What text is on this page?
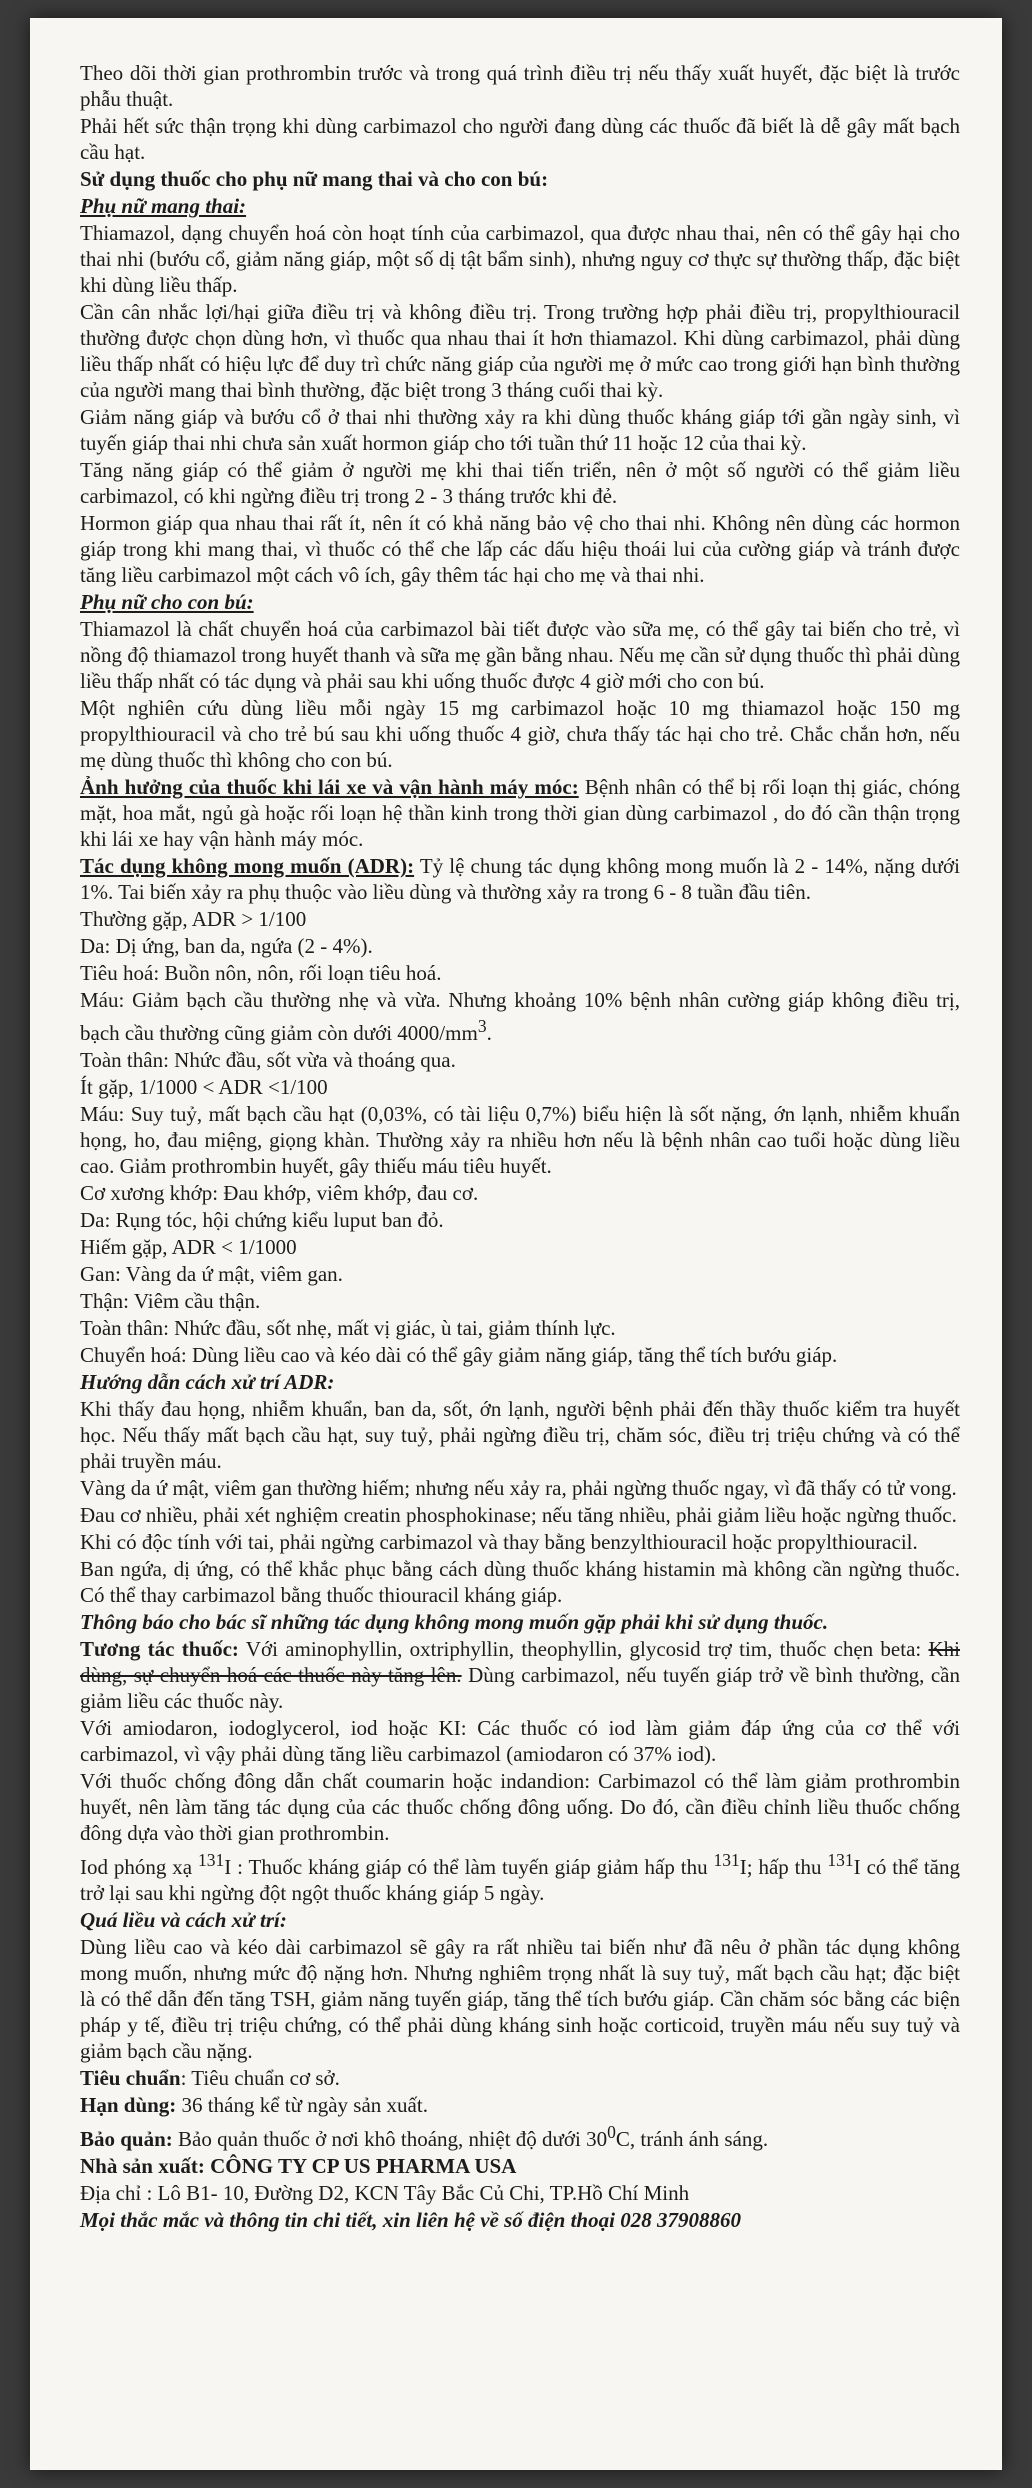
Theo dõi thời gian prothrombin trước và trong quá trình điều trị nếu thấy xuất huyết, đặc biệt là trước phẫu thuật.

Phải hết sức thận trọng khi dùng carbimazol cho người đang dùng các thuốc đã biết là dễ gây mất bạch cầu hạt.

Sử dụng thuốc cho phụ nữ mang thai và cho con bú:

Phụ nữ mang thai:

Thiamazol, dạng chuyển hoá còn hoạt tính của carbimazol, qua được nhau thai, nên có thể gây hại cho thai nhi (bướu cổ, giảm năng giáp, một số dị tật bẩm sinh), nhưng nguy cơ thực sự thường thấp, đặc biệt khi dùng liều thấp.

Cần cân nhắc lợi/hại giữa điều trị và không điều trị. Trong trường hợp phải điều trị, propylthiouracil thường được chọn dùng hơn, vì thuốc qua nhau thai ít hơn thiamazol. Khi dùng carbimazol, phải dùng liều thấp nhất có hiệu lực để duy trì chức năng giáp của người mẹ ở mức cao trong giới hạn bình thường của người mang thai bình thường, đặc biệt trong 3 tháng cuối thai kỳ.

Giảm năng giáp và bướu cổ ở thai nhi thường xảy ra khi dùng thuốc kháng giáp tới gần ngày sinh, vì tuyến giáp thai nhi chưa sản xuất hormon giáp cho tới tuần thứ 11 hoặc 12 của thai kỳ.

Tăng năng giáp có thể giảm ở người mẹ khi thai tiến triển, nên ở một số người có thể giảm liều carbimazol, có khi ngừng điều trị trong 2 - 3 tháng trước khi đẻ.

Hormon giáp qua nhau thai rất ít, nên ít có khả năng bảo vệ cho thai nhi. Không nên dùng các hormon giáp trong khi mang thai, vì thuốc có thể che lấp các dấu hiệu thoái lui của cường giáp và tránh được tăng liều carbimazol một cách vô ích, gây thêm tác hại cho mẹ và thai nhi.

Phụ nữ cho con bú:

Thiamazol là chất chuyển hoá của carbimazol bài tiết được vào sữa mẹ, có thể gây tai biến cho trẻ, vì nồng độ thiamazol trong huyết thanh và sữa mẹ gần bằng nhau. Nếu mẹ cần sử dụng thuốc thì phải dùng liều thấp nhất có tác dụng và phải sau khi uống thuốc được 4 giờ mới cho con bú.

Một nghiên cứu dùng liều mỗi ngày 15 mg carbimazol hoặc 10 mg thiamazol hoặc 150 mg propylthiouracil và cho trẻ bú sau khi uống thuốc 4 giờ, chưa thấy tác hại cho trẻ. Chắc chắn hơn, nếu mẹ dùng thuốc thì không cho con bú.

Ảnh hưởng của thuốc khi lái xe và vận hành máy móc: Bệnh nhân có thể bị rối loạn thị giác, chóng mặt, hoa mắt, ngủ gà hoặc rối loạn hệ thần kinh trong thời gian dùng carbimazol , do đó cần thận trọng khi lái xe hay vận hành máy móc.

Tác dụng không mong muốn (ADR): Tỷ lệ chung tác dụng không mong muốn là 2 - 14%, nặng dưới 1%. Tai biến xảy ra phụ thuộc vào liều dùng và thường xảy ra trong 6 - 8 tuần đầu tiên.

Thường gặp, ADR > 1/100

Da: Dị ứng, ban da, ngứa (2 - 4%).

Tiêu hoá: Buồn nôn, nôn, rối loạn tiêu hoá.

Máu: Giảm bạch cầu thường nhẹ và vừa. Nhưng khoảng 10% bệnh nhân cường giáp không điều trị, bạch cầu thường cũng giảm còn dưới $4000/mm^3$.

Toàn thân: Nhức đầu, sốt vừa và thoáng qua.

Ít gặp, 1/1000 < ADR <1/100

Máu: Suy tuỷ, mất bạch cầu hạt (0,03%, có tài liệu 0,7%) biểu hiện là sốt nặng, ớn lạnh, nhiễm khuẩn họng, ho, đau miệng, giọng khàn. Thường xảy ra nhiều hơn nếu là bệnh nhân cao tuổi hoặc dùng liều cao. Giảm prothrombin huyết, gây thiếu máu tiêu huyết.

Cơ xương khớp: Đau khớp, viêm khớp, đau cơ.

Da: Rụng tóc, hội chứng kiểu luput ban đỏ.

Hiếm gặp, ADR < 1/1000

Gan: Vàng da ứ mật, viêm gan.

Thận: Viêm cầu thận.

Toàn thân: Nhức đầu, sốt nhẹ, mất vị giác, ù tai, giảm thính lực.

Chuyển hoá: Dùng liều cao và kéo dài có thể gây giảm năng giáp, tăng thể tích bướu giáp.

Hướng dẫn cách xử trí ADR:

Khi thấy đau họng, nhiễm khuẩn, ban da, sốt, ớn lạnh, người bệnh phải đến thầy thuốc kiểm tra huyết học. Nếu thấy mất bạch cầu hạt, suy tuỷ, phải ngừng điều trị, chăm sóc, điều trị triệu chứng và có thể phải truyền máu.

Vàng da ứ mật, viêm gan thường hiếm; nhưng nếu xảy ra, phải ngừng thuốc ngay, vì đã thấy có tử vong.

Đau cơ nhiều, phải xét nghiệm creatin phosphokinase; nếu tăng nhiều, phải giảm liều hoặc ngừng thuốc.

Khi có độc tính với tai, phải ngừng carbimazol và thay bằng benzylthiouracil hoặc propylthiouracil.

Ban ngứa, dị ứng, có thể khắc phục bằng cách dùng thuốc kháng histamin mà không cần ngừng thuốc. Có thể thay carbimazol bằng thuốc thiouracil kháng giáp.

Thông báo cho bác sĩ những tác dụng không mong muốn gặp phải khi sử dụng thuốc.

Tương tác thuốc: Với aminophyllin, oxtriphyllin, theophyllin, glycosid trợ tim, thuốc chẹn beta: Khi dùng, sự chuyển hoá các thuốc này tăng lên. Dùng carbimazol, nếu tuyến giáp trở về bình thường, cần giảm liều các thuốc này.

Với amiodaron, iodoglycerol, iod hoặc KI: Các thuốc có iod làm giảm đáp ứng của cơ thể với carbimazol, vì vậy phải dùng tăng liều carbimazol (amiodaron có 37% iod).

Với thuốc chống đông dẫn chất coumarin hoặc indandion: Carbimazol có thể làm giảm prothrombin huyết, nên làm tăng tác dụng của các thuốc chống đông uống. Do đó, cần điều chỉnh liều thuốc chống đông dựa vào thời gian prothrombin.

Iod phóng xạ $^{131}$I : Thuốc kháng giáp có thể làm tuyến giáp giảm hấp thu $^{131}$I; hấp thu $^{131}$I có thể tăng trở lại sau khi ngừng đột ngột thuốc kháng giáp 5 ngày.

Quá liều và cách xử trí:

Dùng liều cao và kéo dài carbimazol sẽ gây ra rất nhiều tai biến như đã nêu ở phần tác dụng không mong muốn, nhưng mức độ nặng hơn. Nhưng nghiêm trọng nhất là suy tuỷ, mất bạch cầu hạt; đặc biệt là có thể dẫn đến tăng TSH, giảm năng tuyến giáp, tăng thể tích bướu giáp. Cần chăm sóc bằng các biện pháp y tế, điều trị triệu chứng, có thể phải dùng kháng sinh hoặc corticoid, truyền máu nếu suy tuỷ và giảm bạch cầu nặng.

Tiêu chuẩn: Tiêu chuẩn cơ sở.

Hạn dùng: 36 tháng kể từ ngày sản xuất.

Bảo quản: Bảo quản thuốc ở nơi khô thoáng, nhiệt độ dưới $30^0C$, tránh ánh sáng.

Nhà sản xuất: CÔNG TY CP US PHARMA USA

Địa chỉ : Lô B1- 10, Đường D2, KCN Tây Bắc Củ Chi, TP.Hồ Chí Minh

Mọi thắc mắc và thông tin chi tiết, xin liên hệ về số điện thoại 028 37908860
